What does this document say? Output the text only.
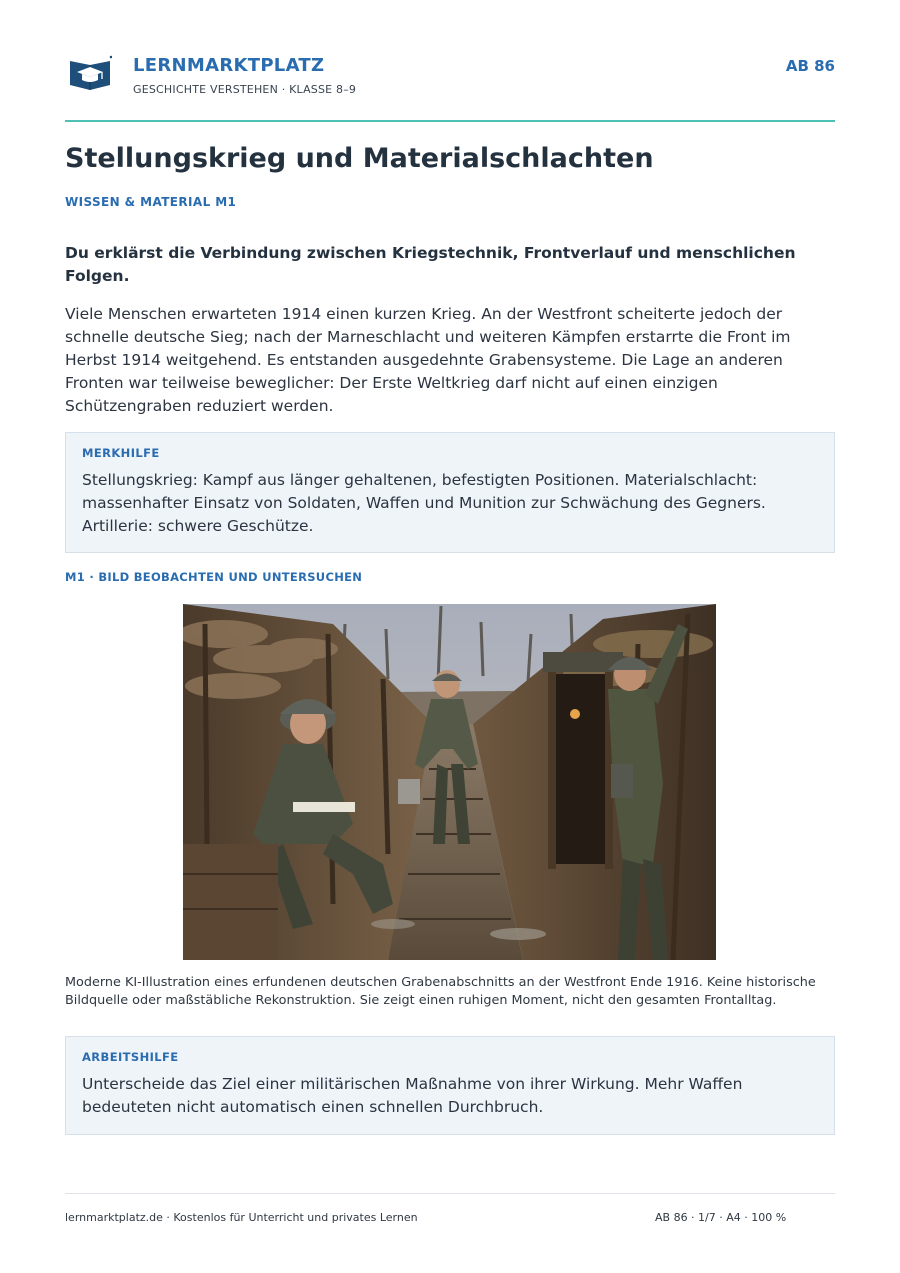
LERNMARKTPLATZ
GESCHICHTE VERSTEHEN · KLASSE 8–9
AB 86
Stellungskrieg und Materialschlachten
WISSEN & MATERIAL M1

Du erklärst die Verbindung zwischen Kriegstechnik, Frontverlauf und menschlichen Folgen.

Viele Menschen erwarteten 1914 einen kurzen Krieg. An der Westfront scheiterte jedoch der schnelle deutsche Sieg; nach der Marneschlacht und weiteren Kämpfen erstarrte die Front im Herbst 1914 weitgehend. Es entstanden ausgedehnte Grabensysteme. Die Lage an anderen Fronten war teilweise beweglicher: Der Erste Weltkrieg darf nicht auf einen einzigen Schützengraben reduziert werden.

MERKHILFE
Stellungskrieg: Kampf aus länger gehaltenen, befestigten Positionen. Materialschlacht: massenhafter Einsatz von Soldaten, Waffen und Munition zur Schwächung des Gegners. Artillerie: schwere Geschütze.
M1 · BILD BEOBACHTEN UND UNTERSUCHEN

Moderne KI-Illustration eines erfundenen deutschen Grabenabschnitts an der Westfront Ende 1916. Keine historische Bildquelle oder maßstäbliche Rekonstruktion. Sie zeigt einen ruhigen Moment, nicht den gesamten Frontalltag.

ARBEITSHILFE
Unterscheide das Ziel einer militärischen Maßnahme von ihrer Wirkung. Mehr Waffen bedeuteten nicht automatisch einen schnellen Durchbruch.
lernmarktplatz.de · Kostenlos für Unterricht und privates Lernen	AB 86 · 1/7 · A4 · 100 %
